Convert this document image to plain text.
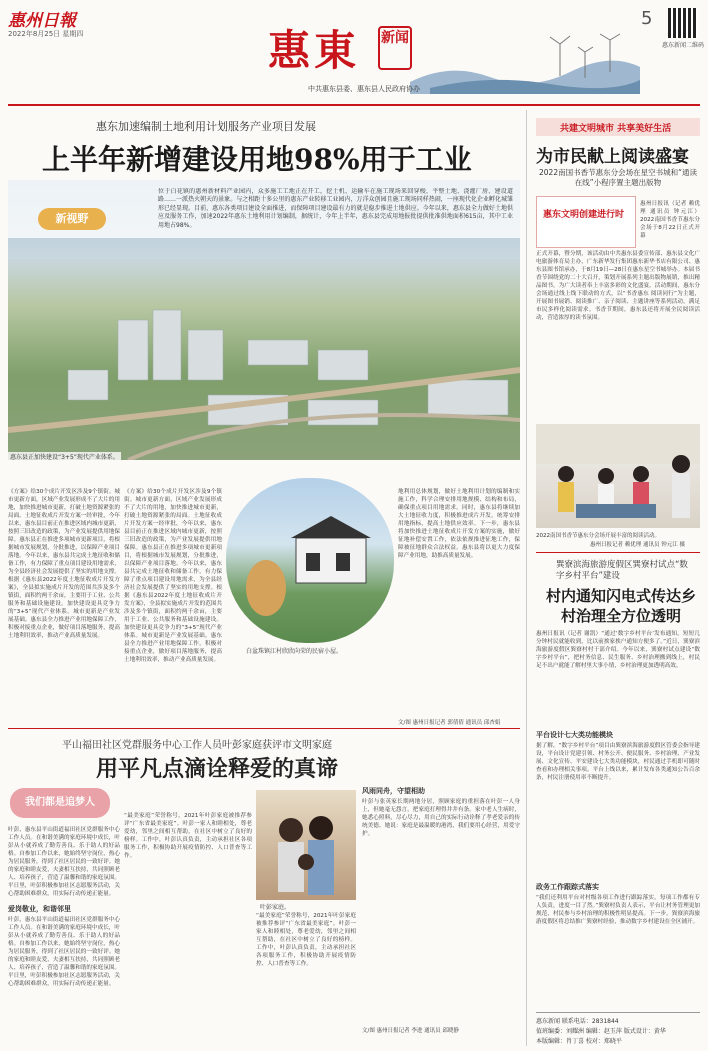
惠州日報
2022年8月25日 星期四	惠東 新闻
中共惠东县委、惠东县人民政府协办
5
惠东新闻二维码
惠东加速编制土地利用计划服务产业项目发展
上半年新增建设用地98%用于工业
位于白花镇的惠州新材料产业园内，众多施工工地正在开工，挖土机、运输车在施工现场来回穿梭，平整土地、浇灌厂房、建设道路……一派热火朝天的景象。与之相距十多公里的惠东产业转移工业园内，万洋众创园且施工现场同样热闹，一座现代化企业孵化城雏形已经显现。目前，惠东各类项目建设全面推进，而保障项目建设最有力的就是稳步推进土地供应。今年以来，惠东县全力做好土地供应及服务工作，加速2022年惠东土地利用计划编制，据统计，今年上半年，惠东县完成用地报批提供批准供地面积615亩，其中工业用地占98%。
新视野
惠东县正加快建设“3+5”现代产业体系。
《方案》给30个成片开发区涉及9个镇街。城市更新方面，区域产业发展形成不了大片的用地，加快推进城市更新，打破土地资源紧张的局面。土地征收成片开发方案一经审批，今年以来，惠东县目前正在推进区域内城市更新，按照三旧改造的政策，为产业发展提供用地保障。惠东县正在推进多项城市更新项目，将根据城市发展规划，分批推进，以保障产业项目落地。今年以来，惠东县共完成土地征收和储备工作，有力保障了重点项目建设用地需求，为全县经济社会发展提供了坚实的用地支撑。根据《惠东县2022年度土地征收成片开发方案》，全县拟实施成片开发的范围共涉及多个镇街，面积约两千余亩，主要用于工业、公共服务和基础设施建设。加快建设更具竞争力的“3+5”现代产业体系。城市更新是产业发展基础。惠东县全力推进产业用地保障工作，积极对接重点企业，做好项目落地服务，提高土地利用效率，推动产业高质量发展。
《方案》给30个成片开发区涉及9个镇街。城市更新方面，区域产业发展形成不了大片的用地，加快推进城市更新，打破土地资源紧张的局面。土地征收成片开发方案一经审批，今年以来，惠东县目前正在推进区域内城市更新，按照三旧改造的政策，为产业发展提供用地保障。惠东县正在推进多项城市更新项目，将根据城市发展规划，分批推进，以保障产业项目落地。今年以来，惠东县共完成土地征收和储备工作，有力保障了重点项目建设用地需求，为全县经济社会发展提供了坚实的用地支撑。根据《惠东县2022年度土地征收成片开发方案》，全县拟实施成片开发的范围共涉及多个镇街，面积约两千余亩，主要用于工业、公共服务和基础设施建设。加快建设更具竞争力的“3+5”现代产业体系。城市更新是产业发展基础。惠东县全力推进产业用地保障工作，积极对接重点企业，做好项目落地服务，提高土地利用效率，推动产业高质量发展。
白盆珠镇江村欣欣向荣的民宿小屋。
地利用总体规划，做好土地利用计划的编制和实施工作，科学合理安排用地规模、结构和布局，确保重点项目用地需求。同时，惠东县将继续加大土地征收力度，积极推进成片开发，统筹安排用地指标，提高土地供应效率。下一步，惠东县将加快推进土地征收成片开发方案的实施，做好征地补偿安置工作，依法依规推进征地工作，保障被征地群众合法权益。惠东县将以更大力度保障产业用地，助推高质量发展。
文/图 惠州日报记者 郭倩倩 通讯员 邱杏娟
平山福田社区党群服务中心工作人员叶彭家庭获评市文明家庭
用平凡点滴诠释爱的真谛
我们都是追梦人
叶彭，惠东县平山街道福田社区党群服务中心工作人员。在和谐美满的家庭环境中成长，叶彭从小就养成了勤劳善良、乐于助人的好品格。自参加工作以来，她始终坚守岗位，热心为居民服务，得到了社区居民的一致好评。她的家庭和睦友爱，夫妻相互扶持，共同照顾老人、培养孩子，营造了温馨和谐的家庭氛围。平日里，叶彭积极参加社区志愿服务活动，关心帮助困难群众，用实际行动传递正能量。
爱岗敬业，和谐邻里
叶彭，惠东县平山街道福田社区党群服务中心工作人员。在和谐美满的家庭环境中成长，叶彭从小就养成了勤劳善良、乐于助人的好品格。自参加工作以来，她始终坚守岗位，热心为居民服务，得到了社区居民的一致好评。她的家庭和睦友爱，夫妻相互扶持，共同照顾老人、培养孩子，营造了温馨和谐的家庭氛围。平日里，叶彭积极参加社区志愿服务活动，关心帮助困难群众，用实际行动传递正能量。
“最美家庭”荣誉称号，2021年叶彭家庭被推荐参评“广东省最美家庭”。叶彭一家人和睦相处，尊老爱幼，邻里之间相互帮助，在社区中树立了良好的榜样。工作中，叶彭认真负责，主动承担社区各项服务工作，积极协助开展疫情防控、人口普查等工作。
叶彭家庭。
“最美家庭”荣誉称号，2021年叶彭家庭被推荐参评“广东省最美家庭”。叶彭一家人和睦相处，尊老爱幼，邻里之间相互帮助，在社区中树立了良好的榜样。工作中，叶彭认真负责，主动承担社区各项服务工作，积极协助开展疫情防控、人口普查等工作。
风雨同舟，守望相助
叶彭与张英家长期两地分居，照顾家庭的重担落在叶彭一人身上，但她毫无怨言，把家庭打理得井井有条。家中老人生病时，她悉心照料，尽心尽力，用自己的实际行动诠释了孝老爱亲的传统美德。她说：家庭是最温暖的港湾，我们要用心经营，用爱守护。
文/图 惠州日报记者 李进 通讯员 邱晓静
共建文明城市 共享美好生活
为市民献上阅读盛宴
2022南国书香节惠东分会场在星空书城和“通读在线”小程序置主题出版物
惠东文明创建进行时
惠州日报讯（记者 赖优理 通讯员 钟元江）2022南国书香节惠东分会场于8月22日正式开幕
正式开幕，暨分期，该活动由中共惠东县委宣传部、惠东县文化广电旅游体育局主办，广东新华发行集团惠东新华书店有限公司、惠东县图书馆承办，于8月19日—28日在惠东星空书城举办。本届书香节围绕党的二十大召开，策划开展系列主题出版物展销，推出精品图书，为广大读者奉上丰富多彩的文化盛宴。活动期间，惠东分会场通过线上线下联动的方式，以“书香惠东 阅读同行”为主题，开展图书展销、阅读推广、亲子阅读、主题讲座等系列活动，满足市民多样化阅读需求。书香节期间，惠东县还将开展全民阅读活动，营造浓厚的读书氛围。
2022南国书香节惠东分会场开展丰富的阅读活动。
惠州日报记者 赖优理 通讯员 钟元江 摄
巽寮滨海旅游度假区巽寮村试点“数字乡村平台”建设
村内通知闪电式传达乡村治理全方位透明
惠州日报讯（记者 谢凯）“通过‘数字乡村平台’发布通知，短短几分钟村民就能收到，比以前挨家挨户通知方便多了。”近日，巽寮滨海旅游度假区巽寮村村干部介绍。今年以来，巽寮村试点建设“数字乡村平台”，把村务信息、民生服务、乡村治理搬到线上，村民足不出户就能了解村里大事小情，乡村治理更加透明高效。
平台设计七大类功能模块
据了解，“数字乡村平台”项目由巽寮滨海旅游度假区管委会指导建设，平台设计党建引领、村务公开、便民服务、乡村治理、产业发展、文化宣传、平安建设七大类功能模块，村民通过手机即可随时查看和办理相关事项。平台上线以来，累计发布各类通知公告百余条，村民注册使用率不断提升。
政务工作跟踪式落实
“我们还利用平台对村级各项工作进行跟踪落实，每项工作都有专人负责，进度一目了然。”巽寮村负责人表示，平台让村务管理更加规范，村民参与乡村治理的积极性明显提高。下一步，巽寮滨海旅游度假区将总结推广巽寮村经验，推动数字乡村建设在全区铺开。
惠东新闻 联系电话：2831844
值班编委：刘耀洲 编辑：赵玉萍 版式设计：黄华
本版编辑：肖丁喜 校对：郑晓平
